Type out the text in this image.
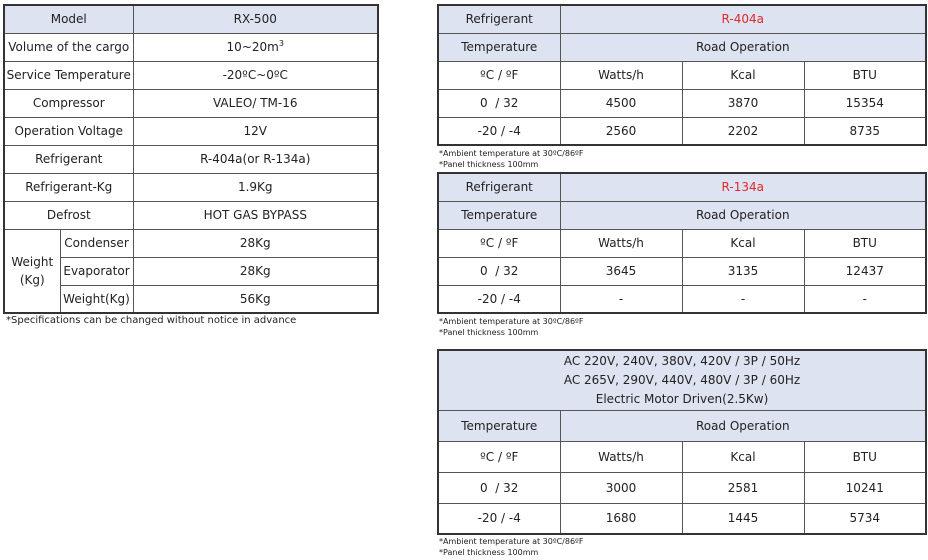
Model		RX-500
Volume of the cargo		$10\sim 20m^3$
Service Temperature		-20ºC~0ºC
Compressor		VALEO/ TM-16
Operation Voltage		12V
Refrigerant		R-404a(or R-134a)
Refrigerant-Kg		1.9Kg
Defrost		HOT GAS BYPASS
Weight
(Kg)	Condenser	28Kg
	Evaporator	28Kg
	Weight(Kg)	56Kg
*Specifications can be changed without notice in advance
Refrigerant	R-404a		
Temperature	Road Operation		
ºC / ºF	Watts/h	Kcal	BTU
0  / 32	4500	3870	15354
-20 / -4	2560	2202	8735
*Ambient temperature at 30ºC/86ºF
*Panel thickness 100mm
Refrigerant	R-134a		
Temperature	Road Operation		
ºC / ºF	Watts/h	Kcal	BTU
0  / 32	3645	3135	12437
-20 / -4	-	-	-
*Ambient temperature at 30ºC/86ºF
*Panel thickness 100mm
AC 220V, 240V, 380V, 420V / 3P / 50Hz
AC 265V, 290V, 440V, 480V / 3P / 60Hz
Electric Motor Driven(2.5Kw)			
Temperature	Road Operation		
ºC / ºF	Watts/h	Kcal	BTU
0  / 32	3000	2581	10241
-20 / -4	1680	1445	5734
*Ambient temperature at 30ºC/86ºF
*Panel thickness 100mm
